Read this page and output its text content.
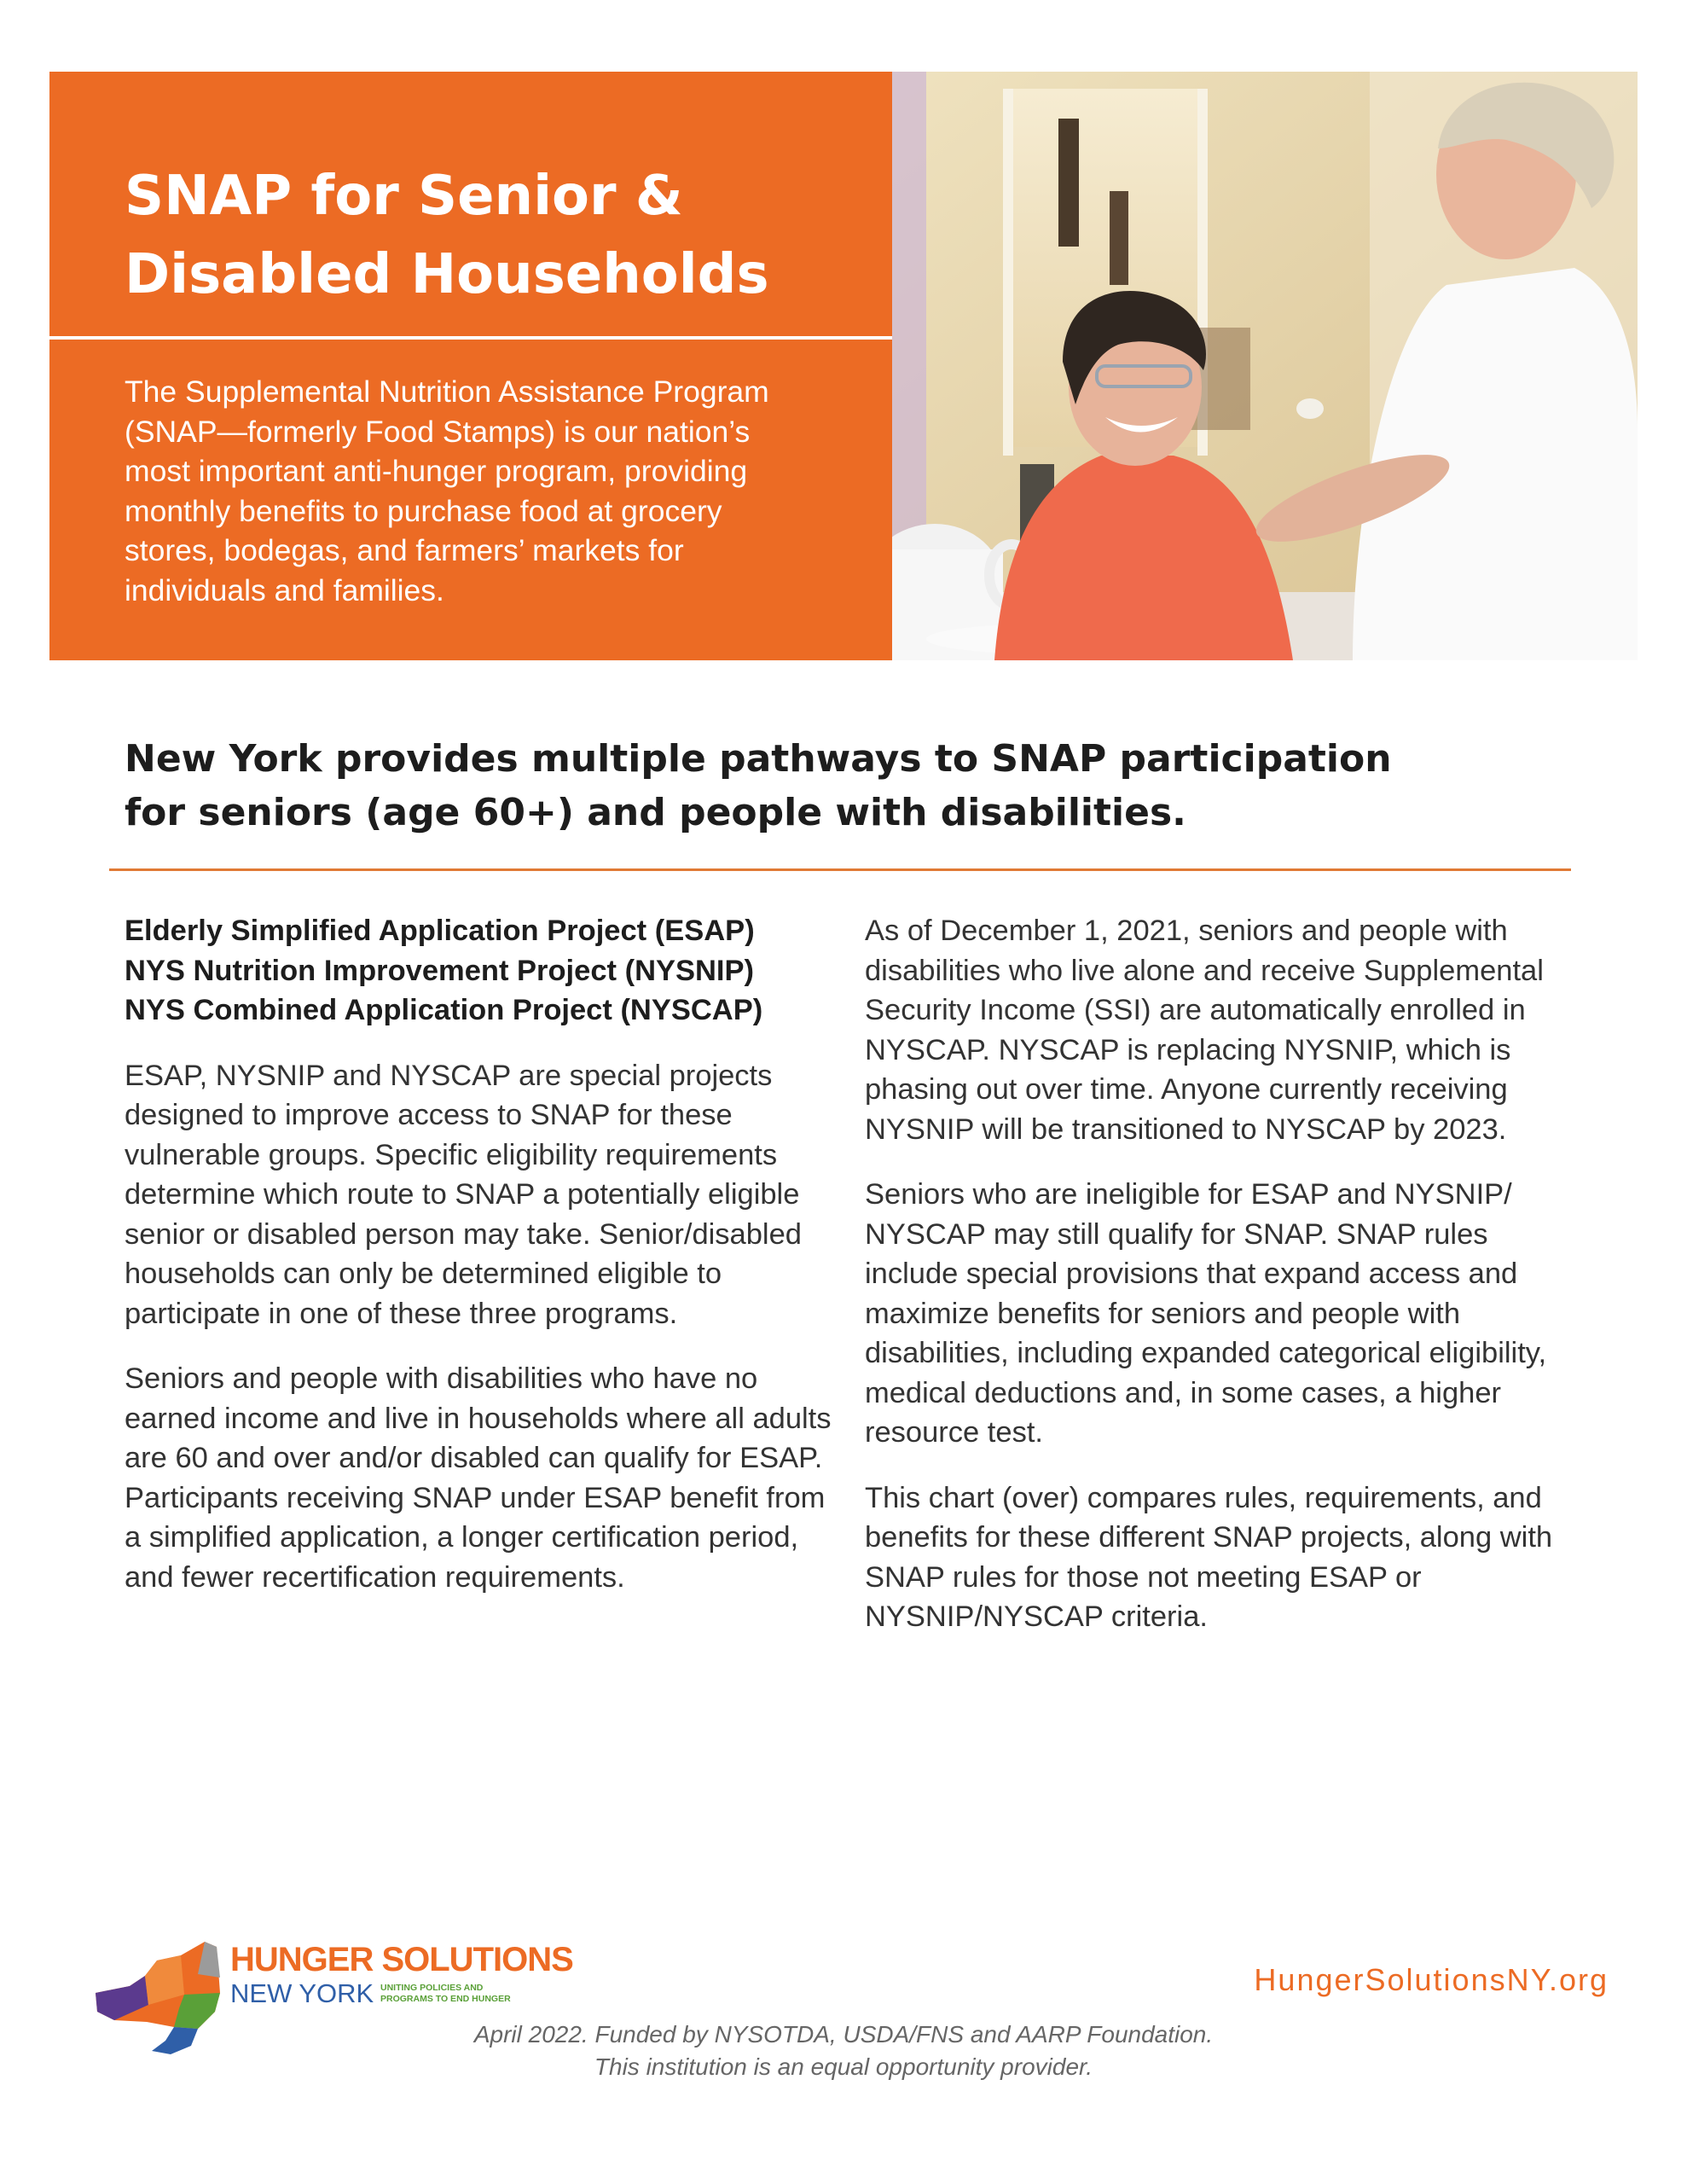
SNAP for Senior &
Disabled Households

The Supplemental Nutrition Assistance Program (SNAP—formerly Food Stamps) is our nation’s most important anti-hunger program, providing monthly benefits to purchase food at grocery stores, bodegas, and farmers’ markets for individuals and families.

New York provides multiple pathways to SNAP participation
for seniors (age 60+) and people with disabilities.
Elderly Simplified Application Project (ESAP)
NYS Nutrition Improvement Project (NYSNIP)
NYS Combined Application Project (NYSCAP)

ESAP, NYSNIP and NYSCAP are special projects designed to improve access to SNAP for these vulnerable groups. Specific eligibility requirements determine which route to SNAP a potentially eligible senior or disabled person may take. Senior/disabled households can only be determined eligible to participate in one of these three programs.

Seniors and people with disabilities who have no earned income and live in households where all adults are 60 and over and/or disabled can qualify for ESAP. Participants receiving SNAP under ESAP benefit from a simplified application, a longer certification period, and fewer recertification requirements.

As of December 1, 2021, seniors and people with disabilities who live alone and receive Supplemental Security Income (SSI) are automatically enrolled in NYSCAP. NYSCAP is replacing NYSNIP, which is phasing out over time. Anyone currently receiving NYSNIP will be transitioned to NYSCAP by 2023.

Seniors who are ineligible for ESAP and NYSNIP/ NYSCAP may still qualify for SNAP. SNAP rules include special provisions that expand access and maximize benefits for seniors and people with disabilities, including expanded categorical eligibility, medical deductions and, in some cases, a higher resource test.

This chart (over) compares rules, requirements, and benefits for these different SNAP projects, along with SNAP rules for those not meeting ESAP or NYSNIP/NYSCAP criteria.

HUNGER SOLUTIONS
NEW YORK UNITING POLICIES AND
PROGRAMS TO END HUNGER

HungerSolutionsNY.org

April 2022. Funded by NYSOTDA, USDA/FNS and AARP Foundation.
This institution is an equal opportunity provider.
